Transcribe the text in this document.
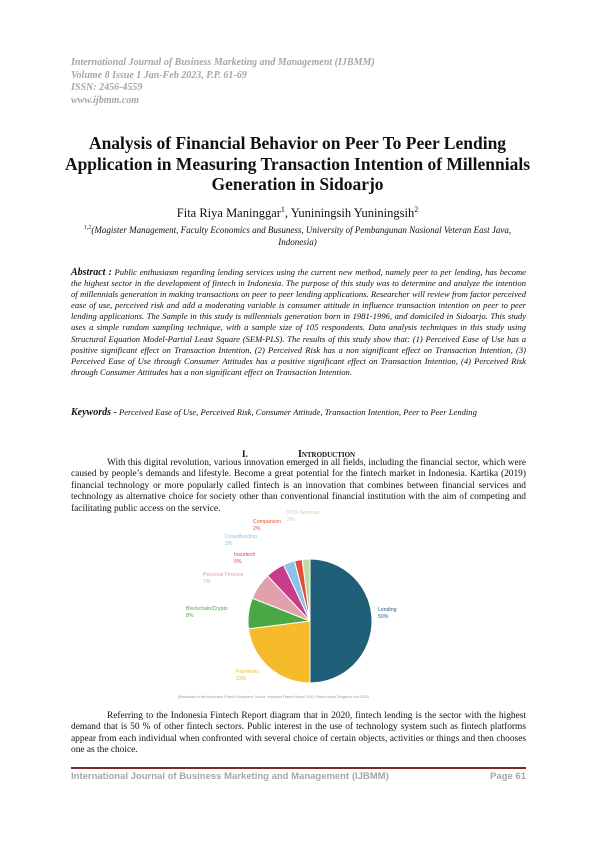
International Journal of Business Marketing and Management (IJBMM)
Volume 8 Issue 1 Jan-Feb 2023, P.P. 61-69
ISSN: 2456-4559
www.ijbmm.com
Analysis of Financial Behavior on Peer To Peer Lending Application in Measuring Transaction Intention of Millennials Generation in Sidoarjo
Fita Riya Maninggar$^1$, Yuniningsih Yuniningsih$^2$
$^{1,2}$(Magister Management, Faculty Economics and Busuness, University of Pembangunan Nasional Veteran East Java, Indonesia)
Abstract : Public enthusiasm regarding lending services using the current new method, namely peer to per lending, has become the highest sector in the development of fintech in Indonesia. The purpose of this study was to determine and analyze the intention of millennials generation in making transactions on peer to peer lending applications. Researcher will review from factor perceived ease of use, perceived risk and add a moderating variable is consumer attitude in influence transaction intention on peer to peer lending applications. The Sample in this study is millennials generation born in 1981-1996, and domiciled in Sidoarjo. This study uses a simple random sampling technique, with a sample size of 105 respondents. Data analysis techniques in this study using Structural Equation Model-Partial Least Square (SEM-PLS). The results of this study show that: (1) Perceived Ease of Use has a positive significant effect on Transaction Intention, (2) Perceived Risk has a non significant effect on Transaction Intention, (3) Perceived Ease of Use through Consumer Attitudes has a positive significant effect on Transaction Intention, (4) Perceived Risk through Consumer Attitudes has a non significant effect on Transaction Intention.
Keywords - Perceived Ease of Use, Perceived Risk, Consumer Attitude, Transaction Intention, Peer to Peer Lending
I.	Introduction
With this digital revolution, various innovation emerged in all fields, including the financial sector, which were caused by people’s demands and lifestyle. Become a great potential for the fintech market in Indonesia. Kartika (2019) financial technology or more popularly called fintech is an innovation that combines between financial services and technology as alternative choice for society other than conventional financial institution with the aim of competing and facilitating public access on the service.
Lending
50%
Payments
23%
Blockchain/Crypto
8%
Personal Finance
7%
Insurtech
5%
Crowdfunding
3%
Comparison
2%
POS Services
2%
(Breakdown of the Indonesian Fintech Ecosystem. Source: Indonesia Fintech Report 2020, Fintech News Singapore Nov 2020)
Referring to the Indonesia Fintech Report diagram that in 2020, fintech lending is the sector with the highest demand that is 50 % of other fintech sectors. Public interest in the use of technology system such as fintech platforms appear from each individual when confronted with several choice of certain objects, activities or things and then chooses one as the choice.
International Journal of Business Marketing and Management (IJBMM)	Page 61
